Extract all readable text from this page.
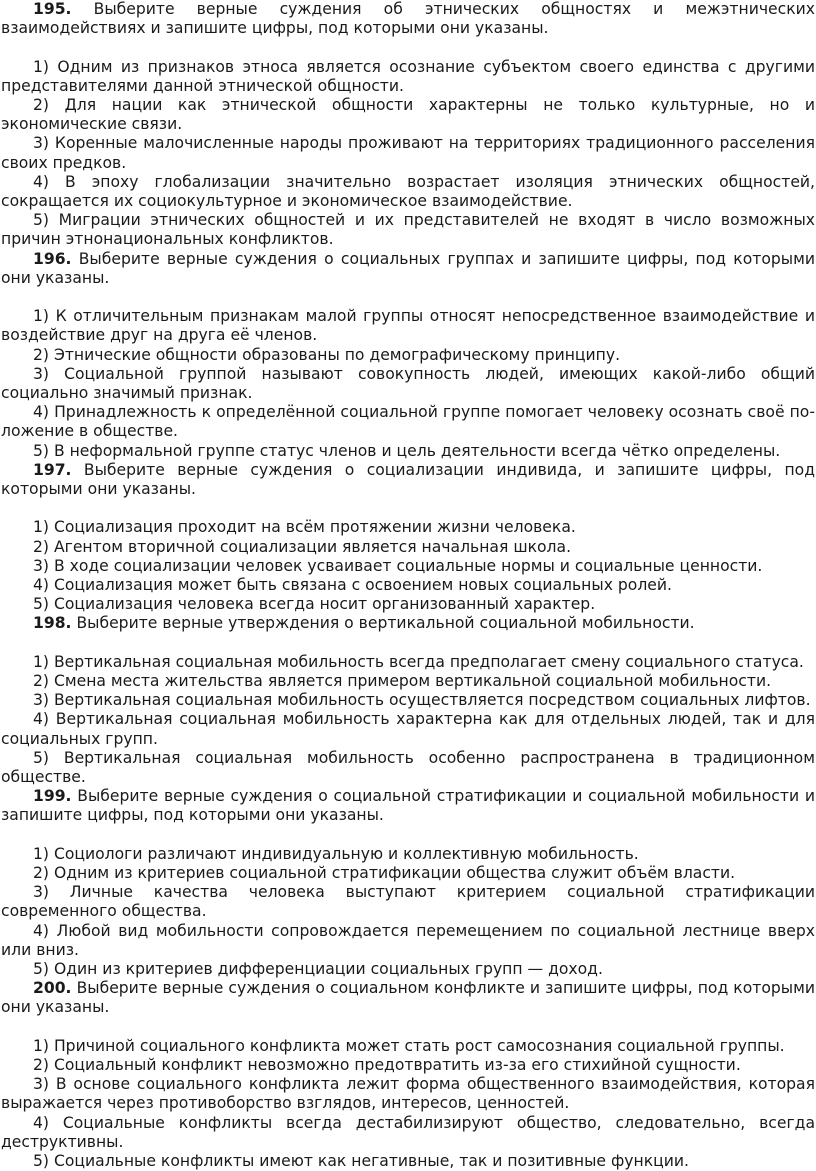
195. Выберите верные суждения об этнических общностях и межэтнических взаимодействиях и запишите цифры, под которыми они указаны.

1) Одним из признаков этноса является осознание субъектом своего единства с другими представителями данной этнической общности.

2) Для нации как этнической общности характерны не только культурные, но и экономические связи.

3) Коренные малочисленные народы проживают на территориях традиционного расселения своих предков.

4) В эпоху глобализации значительно возрастает изоляция этнических общностей, сокращается их социокультурное и экономическое взаимодействие.

5) Миграции этнических общностей и их представителей не входят в число возможных причин этнонациональных конфликтов.

196. Выберите верные суждения о социальных группах и запишите цифры, под которыми они указаны.

1) К отличительным признакам малой группы относят непосредственное взаимодействие и воздействие друг на друга её членов.

2) Этнические общности образованы по демографическому принципу.

3) Социальной группой называют совокупность людей, имеющих какой-либо общий социально значимый признак.

4) Принадлежность к определённой социальной группе помогает человеку осознать своё положение в обществе.

5) В неформальной группе статус членов и цель деятельности всегда чётко определены.

197. Выберите верные суждения о социализации индивида, и запишите цифры, под которыми они указаны.

1) Социализация проходит на всём протяжении жизни человека.

2) Агентом вторичной социализации является начальная школа.

3) В ходе социализации человек усваивает социальные нормы и социальные ценности.

4) Социализация может быть связана с освоением новых социальных ролей.

5) Социализация человека всегда носит организованный характер.

198. Выберите верные утверждения о вертикальной социальной мобильности.

1) Вертикальная социальная мобильность всегда предполагает смену социального статуса.

2) Смена места жительства является примером вертикальной социальной мобильности.

3) Вертикальная социальная мобильность осуществляется посредством социальных лифтов.

4) Вертикальная социальная мобильность характерна как для отдельных людей, так и для социальных групп.

5) Вертикальная социальная мобильность особенно распространена в традиционном обществе.

199. Выберите верные суждения о социальной стратификации и социальной мобильности и запишите цифры, под которыми они указаны.

1) Социологи различают индивидуальную и коллективную мобильность.

2) Одним из критериев социальной стратификации общества служит объём власти.

3) Личные качества человека выступают критерием социальной стратификации современного общества.

4) Любой вид мобильности сопровождается перемещением по социальной лестнице вверх или вниз.

5) Один из критериев дифференциации социальных групп — доход.

200. Выберите верные суждения о социальном конфликте и запишите цифры, под которыми они указаны.

1) Причиной социального конфликта может стать рост самосознания социальной группы.

2) Социальный конфликт невозможно предотвратить из-за его стихийной сущности.

3) В основе социального конфликта лежит форма общественного взаимодействия, которая выражается через противоборство взглядов, интересов, ценностей.

4) Социальные конфликты всегда дестабилизируют общество, следовательно, всегда деструктивны.

5) Социальные конфликты имеют как негативные, так и позитивные функции.
